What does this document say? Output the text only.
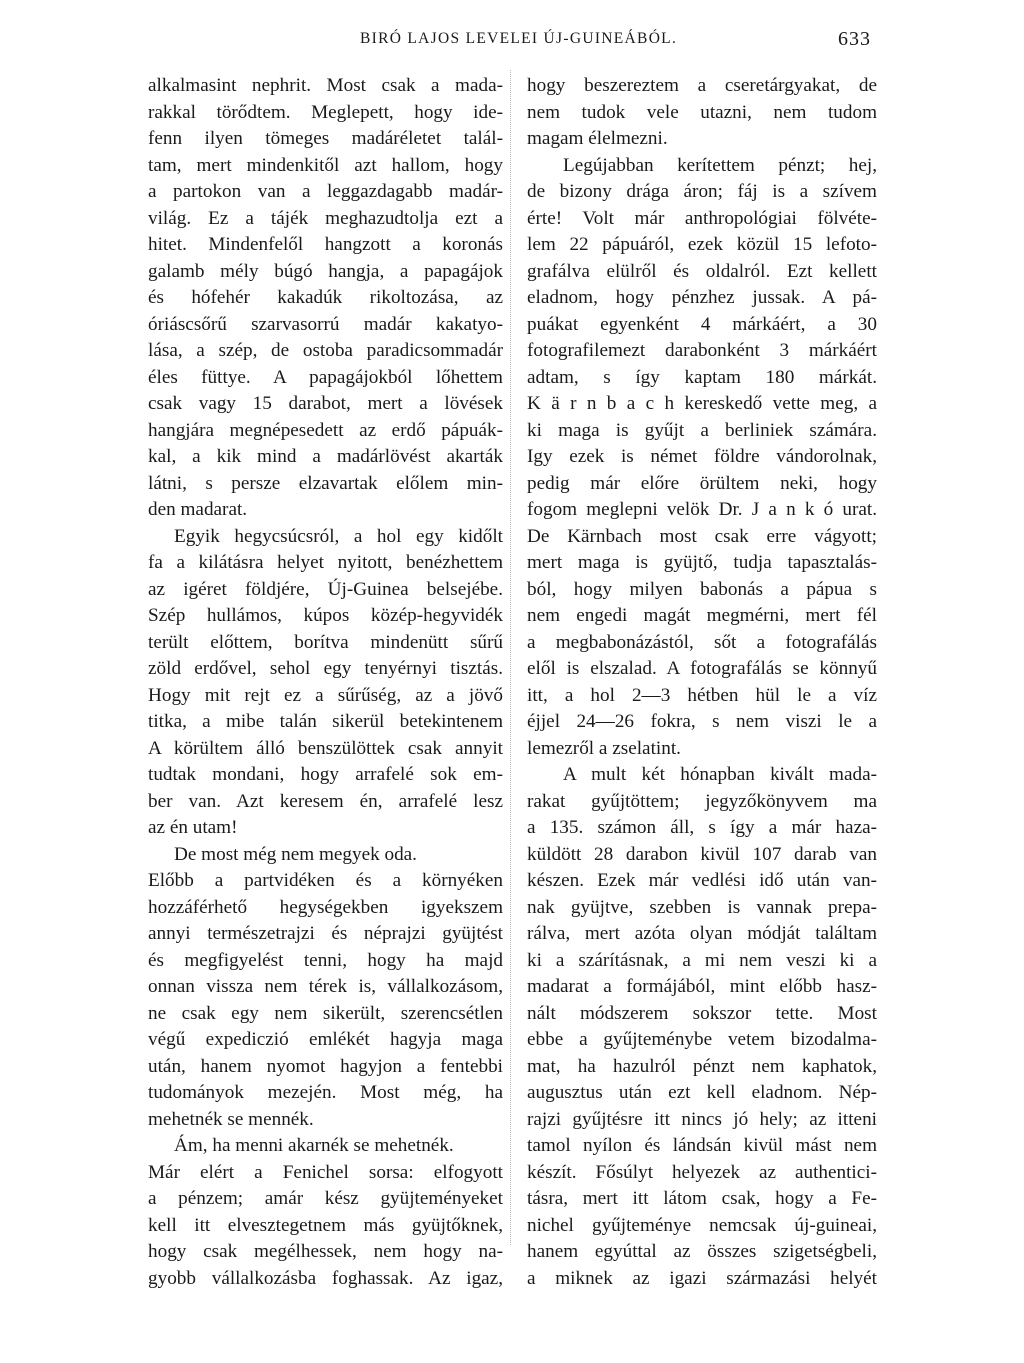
BIRÓ LAJOS LEVELEI ÚJ-GUINEÁBÓL.	633
alkalmasint nephrit. Most csak a mada-
rakkal törődtem. Meglepett, hogy ide-
fenn ilyen tömeges madáréletet talál-
tam, mert mindenkitől azt hallom, hogy
a partokon van a leggazdagabb madár-
világ. Ez a tájék meghazudtolja ezt a
hitet. Mindenfelől hangzott a koronás
galamb mély búgó hangja, a papagájok
és hófehér kakadúk rikoltozása, az
óriáscsőrű szarvasorrú madár kakatyo-
lása, a szép, de ostoba paradicsommadár
éles füttye. A papagájokból lőhettem
csak vagy 15 darabot, mert a lövések
hangjára megnépesedett az erdő pápuák-
kal, a kik mind a madárlövést akarták
látni, s persze elzavartak előlem min-
den madarat.
Egyik hegycsúcsról, a hol egy kidőlt
fa a kilátásra helyet nyitott, benézhettem
az igéret földjére, Új-Guinea belsejébe.
Szép hullámos, kúpos közép-hegyvidék
terült előttem, borítva mindenütt sűrű
zöld erdővel, sehol egy tenyérnyi tisztás.
Hogy mit rejt ez a sűrűség, az a jövő
titka, a mibe talán sikerül betekintenem
A körültem álló benszülöttek csak annyit
tudtak mondani, hogy arrafelé sok em-
ber van. Azt keresem én, arrafelé lesz
az én utam!
De most még nem megyek oda.
Előbb a partvidéken és a környéken
hozzáférhető hegységekben igyekszem
annyi természetrajzi és néprajzi gyüjtést
és megfigyelést tenni, hogy ha majd
onnan vissza nem térek is, vállalkozásom,
ne csak egy nem sikerült, szerencsétlen
végű expediczió emlékét hagyja maga
után, hanem nyomot hagyjon a fentebbi
tudományok mezején. Most még, ha
mehetnék se mennék.
Ám, ha menni akarnék se mehetnék.
Már elért a Fenichel sorsa: elfogyott
a pénzem; amár kész gyüjteményeket
kell itt elvesztegetnem más gyüjtőknek,
hogy csak megélhessek, nem hogy na-
gyobb vállalkozásba foghassak. Az igaz,
hogy beszereztem a cseretárgyakat, de
nem tudok vele utazni, nem tudom
magam élelmezni.
Legújabban kerítettem pénzt; hej,
de bizony drága áron; fáj is a szívem
érte! Volt már anthropológiai fölvéte-
lem 22 pápuáról, ezek közül 15 lefoto-
grafálva elülről és oldalról. Ezt kellett
eladnom, hogy pénzhez jussak. A pá-
puákat egyenként 4 márkáért, a 30
fotografilemezt darabonként 3 márkáért
adtam, s így kaptam 180 márkát.
K ä r n b a c h kereskedő vette meg, a
ki maga is gyűjt a berliniek számára.
Igy ezek is német földre vándorolnak,
pedig már előre örültem neki, hogy
fogom meglepni velök Dr. J a n k ó urat.
De Kärnbach most csak erre vágyott;
mert maga is gyüjtő, tudja tapasztalás-
ból, hogy milyen babonás a pápua s
nem engedi magát megmérni, mert fél
a megbabonázástól, sőt a fotografálás
elől is elszalad. A fotografálás se könnyű
itt, a hol 2—3 hétben hül le a víz
éjjel 24—26 fokra, s nem viszi le a
lemezről a zselatint.
A mult két hónapban kivált mada-
rakat gyűjtöttem; jegyzőkönyvem ma
a 135. számon áll, s így a már haza-
küldött 28 darabon kivül 107 darab van
készen. Ezek már vedlési idő után van-
nak gyüjtve, szebben is vannak prepa-
rálva, mert azóta olyan módját találtam
ki a szárításnak, a mi nem veszi ki a
madarat a formájából, mint előbb hasz-
nált módszerem sokszor tette. Most
ebbe a gyűjteménybe vetem bizodalma-
mat, ha hazulról pénzt nem kaphatok,
augusztus után ezt kell eladnom. Nép-
rajzi gyűjtésre itt nincs jó hely; az itteni
tamol nyílon és lándsán kivül mást nem
készít. Fősúlyt helyezek az authentici-
tásra, mert itt látom csak, hogy a Fe-
nichel gyűjteménye nemcsak új-guineai,
hanem egyúttal az összes szigetségbeli,
a miknek az igazi származási helyét
